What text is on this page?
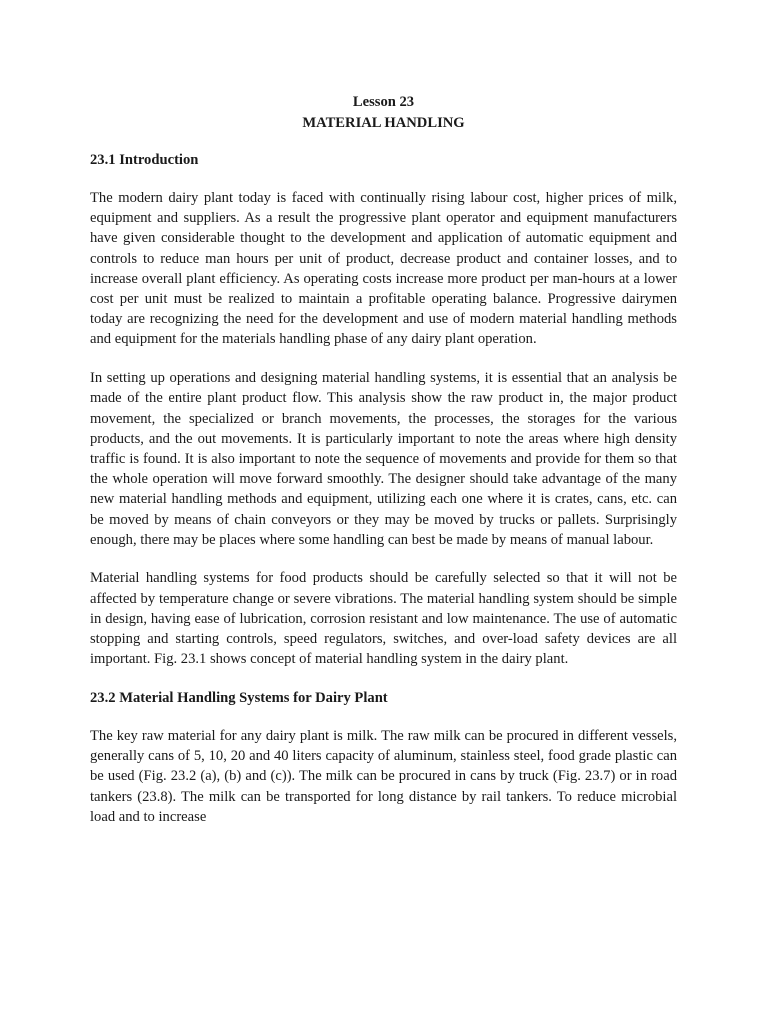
Lesson 23
MATERIAL HANDLING
23.1 Introduction

The modern dairy plant today is faced with continually rising labour cost, higher prices of milk, equipment and suppliers. As a result the progressive plant operator and equipment manufacturers have given considerable thought to the development and application of automatic equipment and controls to reduce man hours per unit of product, decrease product and container losses, and to increase overall plant efficiency. As operating costs increase more product per man-hours at a lower cost per unit must be realized to maintain a profitable operating balance. Progressive dairymen today are recognizing the need for the development and use of modern material handling methods and equipment for the materials handling phase of any dairy plant operation.

In setting up operations and designing material handling systems, it is essential that an analysis be made of the entire plant product flow. This analysis show the raw product in, the major product movement, the specialized or branch movements, the processes, the storages for the various products, and the out movements. It is particularly important to note the areas where high density traffic is found. It is also important to note the sequence of movements and provide for them so that the whole operation will move forward smoothly. The designer should take advantage of the many new material handling methods and equipment, utilizing each one where it is crates, cans, etc. can be moved by means of chain conveyors or they may be moved by trucks or pallets. Surprisingly enough, there may be places where some handling can best be made by means of manual labour.

Material handling systems for food products should be carefully selected so that it will not be affected by temperature change or severe vibrations. The material handling system should be simple in design, having ease of lubrication, corrosion resistant and low maintenance. The use of automatic stopping and starting controls, speed regulators, switches, and over-load safety devices are all important. Fig. 23.1 shows concept of material handling system in the dairy plant.

23.2 Material Handling Systems for Dairy Plant

The key raw material for any dairy plant is milk. The raw milk can be procured in different vessels, generally cans of 5, 10, 20 and 40 liters capacity of aluminum, stainless steel, food grade plastic can be used (Fig. 23.2 (a), (b) and (c)). The milk can be procured in cans by truck (Fig. 23.7) or in road tankers (23.8). The milk can be transported for long distance by rail tankers. To reduce microbial load and to increase
